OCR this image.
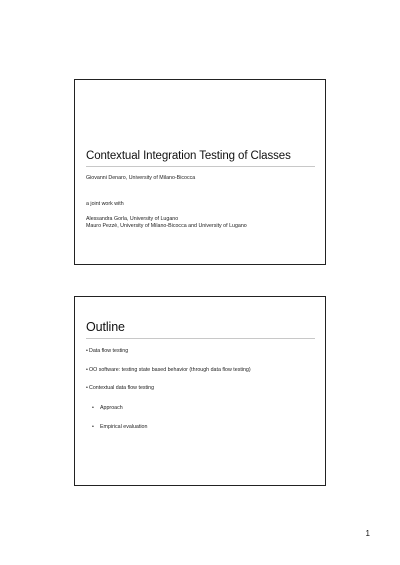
Contextual Integration Testing of Classes
Giovanni Denaro, University of Milano-Bicocca
a joint work with
Alessandra Gorla, University of Lugano
Mauro Pezzè, University of Milano-Bicocca and University of Lugano
Outline
•Data flow testing
•OO software: testing state based behavior (through data flow testing)
•Contextual data flow testing
• Approach
• Empirical evaluation
1
